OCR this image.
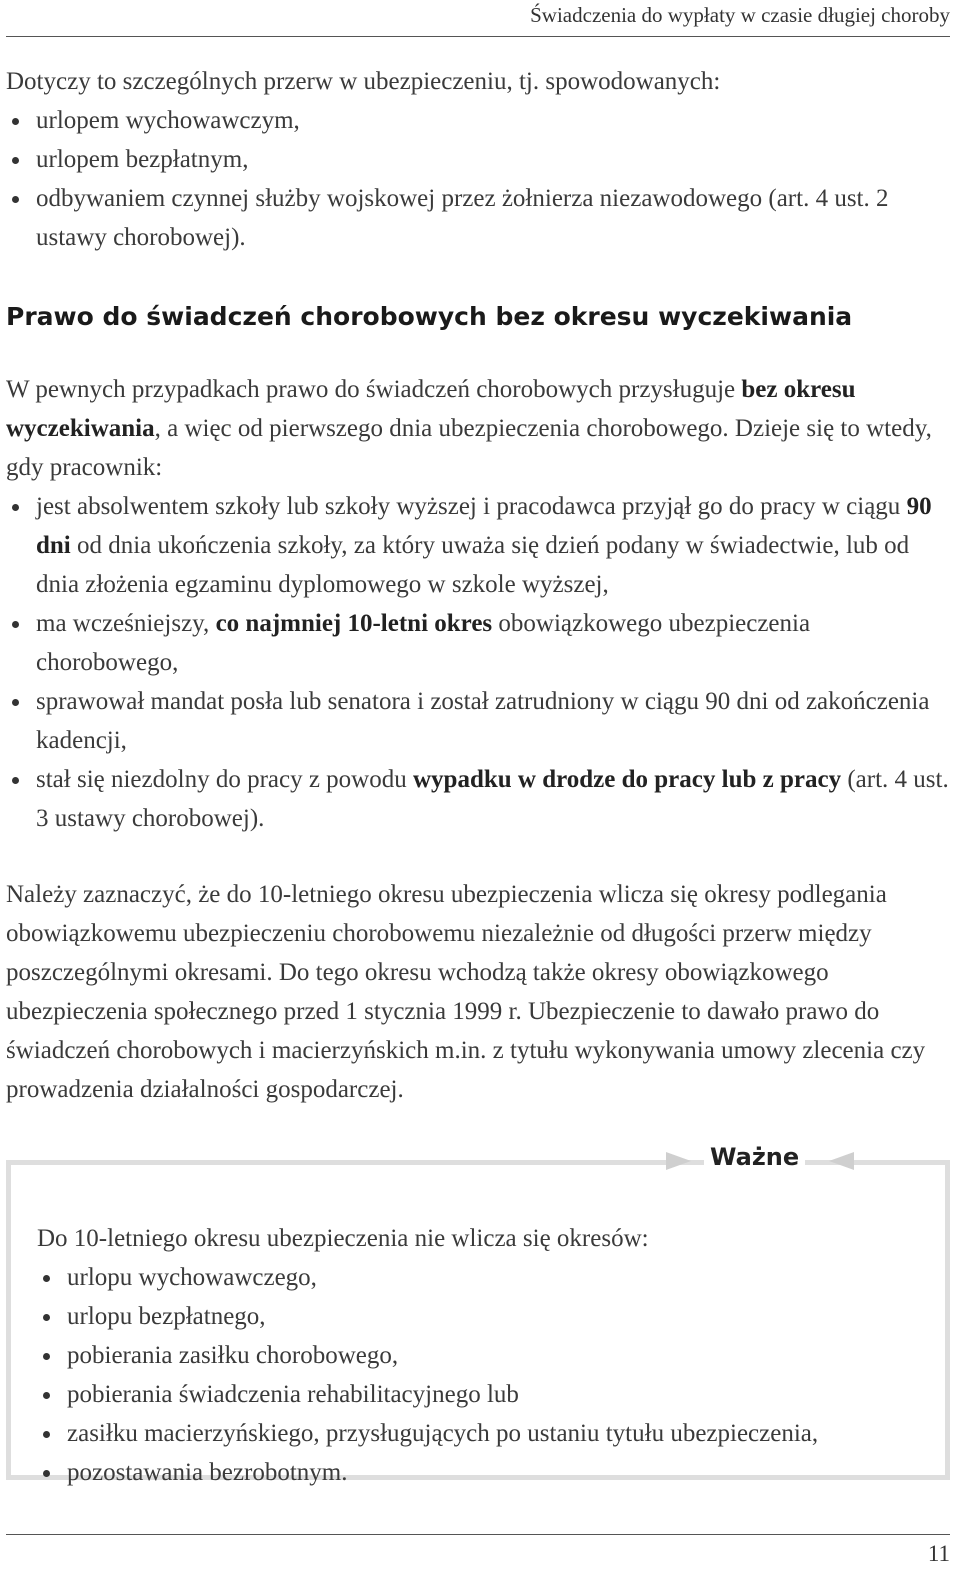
Świadczenia do wypłaty w czasie długiej choroby

Dotyczy to szczególnych przerw w ubezpieczeniu, tj. spowodowanych:

urlopem wychowawczym,
urlopem bezpłatnym,
odbywaniem czynnej służby wojskowej przez żołnierza niezawodowego (art. 4 ust. 2 ustawy chorobowej).
Prawo do świadczeń chorobowych bez okresu wyczekiwania

W pewnych przypadkach prawo do świadczeń chorobowych przysługuje bez okresu wyczekiwania, a więc od pierwszego dnia ubezpieczenia chorobowego. Dzieje się to wtedy, gdy pracownik:

jest absolwentem szkoły lub szkoły wyższej i pracodawca przyjął go do pracy w ciągu 90 dni od dnia ukończenia szkoły, za który uważa się dzień podany w świadectwie, lub od dnia złożenia egzaminu dyplomowego w szkole wyższej,
ma wcześniejszy, co najmniej 10-letni okres obowiązkowego ubezpieczenia chorobowego,
sprawował mandat posła lub senatora i został zatrudniony w ciągu 90 dni od zakończenia kadencji,
stał się niezdolny do pracy z powodu wypadku w drodze do pracy lub z pracy (art. 4 ust. 3 ustawy chorobowej).

Należy zaznaczyć, że do 10-letniego okresu ubezpieczenia wlicza się okresy podlegania obowiązkowemu ubezpieczeniu chorobowemu niezależnie od długości przerw między poszczególnymi okresami. Do tego okresu wchodzą także okresy obowiązkowego ubezpieczenia społecznego przed 1 stycznia 1999 r. Ubezpieczenie to dawało prawo do świadczeń chorobowych i macierzyńskich m.in. z tytułu wykonywania umowy zlecenia czy prowadzenia działalności gospodarczej.

Do 10-letniego okresu ubezpieczenia nie wlicza się okresów:

urlopu wychowawczego,
urlopu bezpłatnego,
pobierania zasiłku chorobowego,
pobierania świadczenia rehabilitacyjnego lub
zasiłku macierzyńskiego, przysługujących po ustaniu tytułu ubezpieczenia,
pozostawania bezrobotnym.
Ważne
11
